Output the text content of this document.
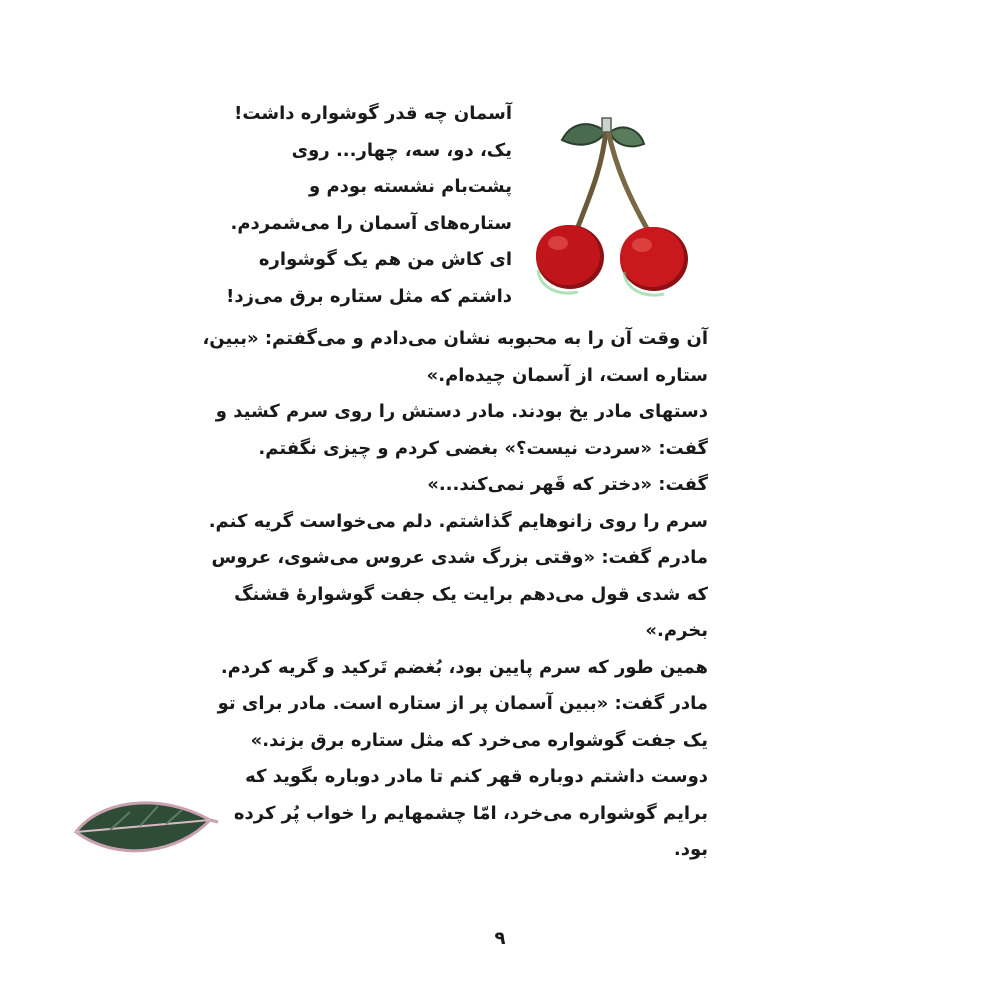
آسمان چه قدر گوشواره داشت!
یک، دو، سه، چهار... روی
پشت‌بام نشسته بودم و
ستاره‌های آسمان را می‌شمردم.
ای کاش من هم یک گوشواره
داشتم که مثل ستاره برق می‌زد!
آن وقت آن را به محبوبه نشان می‌دادم و می‌گفتم: «ببین،
ستاره است، از آسمان چیده‌ام.»
دستهای مادر یخ بودند. مادر دستش را روی سرم کشید و
گفت: «سردت نیست؟» بغضی کردم و چیزی نگفتم.
گفت: «دختر که قَهر نمی‌کند...»
سرم را روی زانوهایم گذاشتم. دلم می‌خواست گریه کنم.
مادرم گفت: «وقتی بزرگ شدی عروس می‌شوی، عروس
که شدی قول می‌دهم برایت یک جفت گوشوارهٔ قشنگ
بخرم.»
همین طور که سرم پایین بود، بُغضم تَرکید و گریه کردم.
مادر گفت: «ببین آسمان پر از ستاره است. مادر برای تو
یک جفت گوشواره می‌خرد که مثل ستاره برق بزند.»
دوست داشتم دوباره قهر کنم تا مادر دوباره بگوید که
برایم گوشواره می‌خرد، امّا چشمهایم را خواب پُر کرده
بود.
۹
